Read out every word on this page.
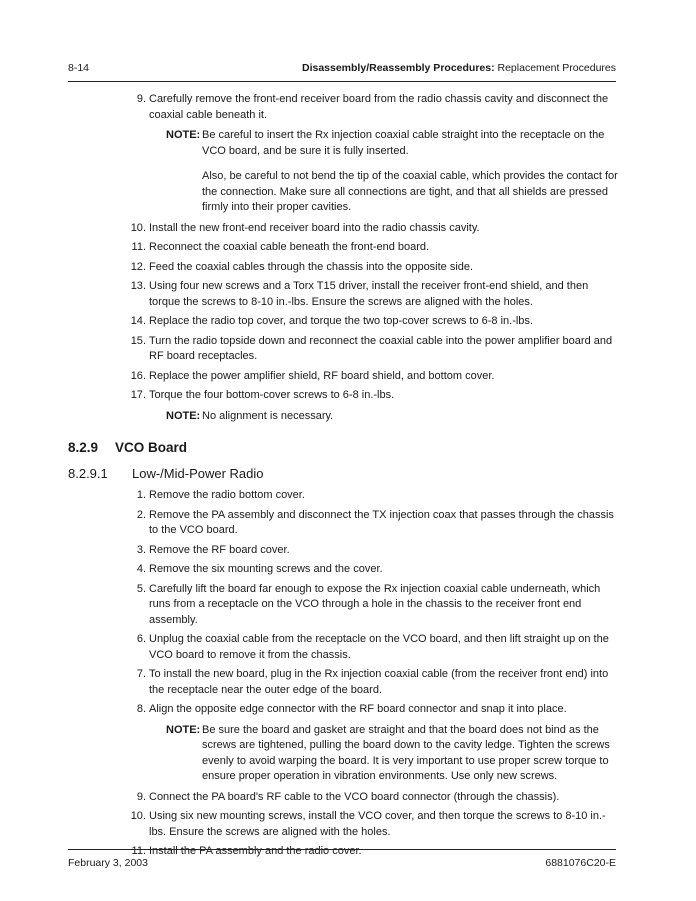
8-14	Disassembly/Reassembly Procedures: Replacement Procedures
9 . Carefully remove the front-end receiver board from the radio chassis cavity and disconnect the coaxial cable beneath it.
NOTE: Be careful to insert the Rx injection coaxial cable straight into the receptacle on the VCO board, and be sure it is fully inserted.

Also, be careful to not bend the tip of the coaxial cable, which provides the contact for the connection. Make sure all connections are tight, and that all shields are pressed firmly into their proper cavities.

10 . Install the new front-end receiver board into the radio chassis cavity.
11 . Reconnect the coaxial cable beneath the front-end board.
12 . Feed the coaxial cables through the chassis into the opposite side.
13 . Using four new screws and a Torx T15 driver, install the receiver front-end shield, and then torque the screws to 8-10 in.-lbs. Ensure the screws are aligned with the holes.
14 . Replace the radio top cover, and torque the two top-cover screws to 6-8 in.-lbs.
15 . Turn the radio topside down and reconnect the coaxial cable into the power amplifier board and RF board receptacles.
16 . Replace the power amplifier shield, RF board shield, and bottom cover.
17 . Torque the four bottom-cover screws to 6-8 in.-lbs.
NOTE: No alignment is necessary.

8.2.9 VCO Board
8.2.9.1 Low-/Mid-Power Radio
1 . Remove the radio bottom cover.
2 . Remove the PA assembly and disconnect the TX injection coax that passes through the chassis to the VCO board.
3 . Remove the RF board cover.
4 . Remove the six mounting screws and the cover.
5 . Carefully lift the board far enough to expose the Rx injection coaxial cable underneath, which runs from a receptacle on the VCO through a hole in the chassis to the receiver front end assembly.
6 . Unplug the coaxial cable from the receptacle on the VCO board, and then lift straight up on the VCO board to remove it from the chassis.
7 . To install the new board, plug in the Rx injection coaxial cable (from the receiver front end) into the receptacle near the outer edge of the board.
8 . Align the opposite edge connector with the RF board connector and snap it into place.
NOTE: Be sure the board and gasket are straight and that the board does not bind as the screws are tightened, pulling the board down to the cavity ledge. Tighten the screws evenly to avoid warping the board. It is very important to use proper screw torque to ensure proper operation in vibration environments. Use only new screws.

9 . Connect the PA board's RF cable to the VCO board connector (through the chassis).
10 . Using six new mounting screws, install the VCO cover, and then torque the screws to 8-10 in.-lbs. Ensure the screws are aligned with the holes.
11 . Install the PA assembly and the radio cover.
February 3, 2003	6881076C20-E
